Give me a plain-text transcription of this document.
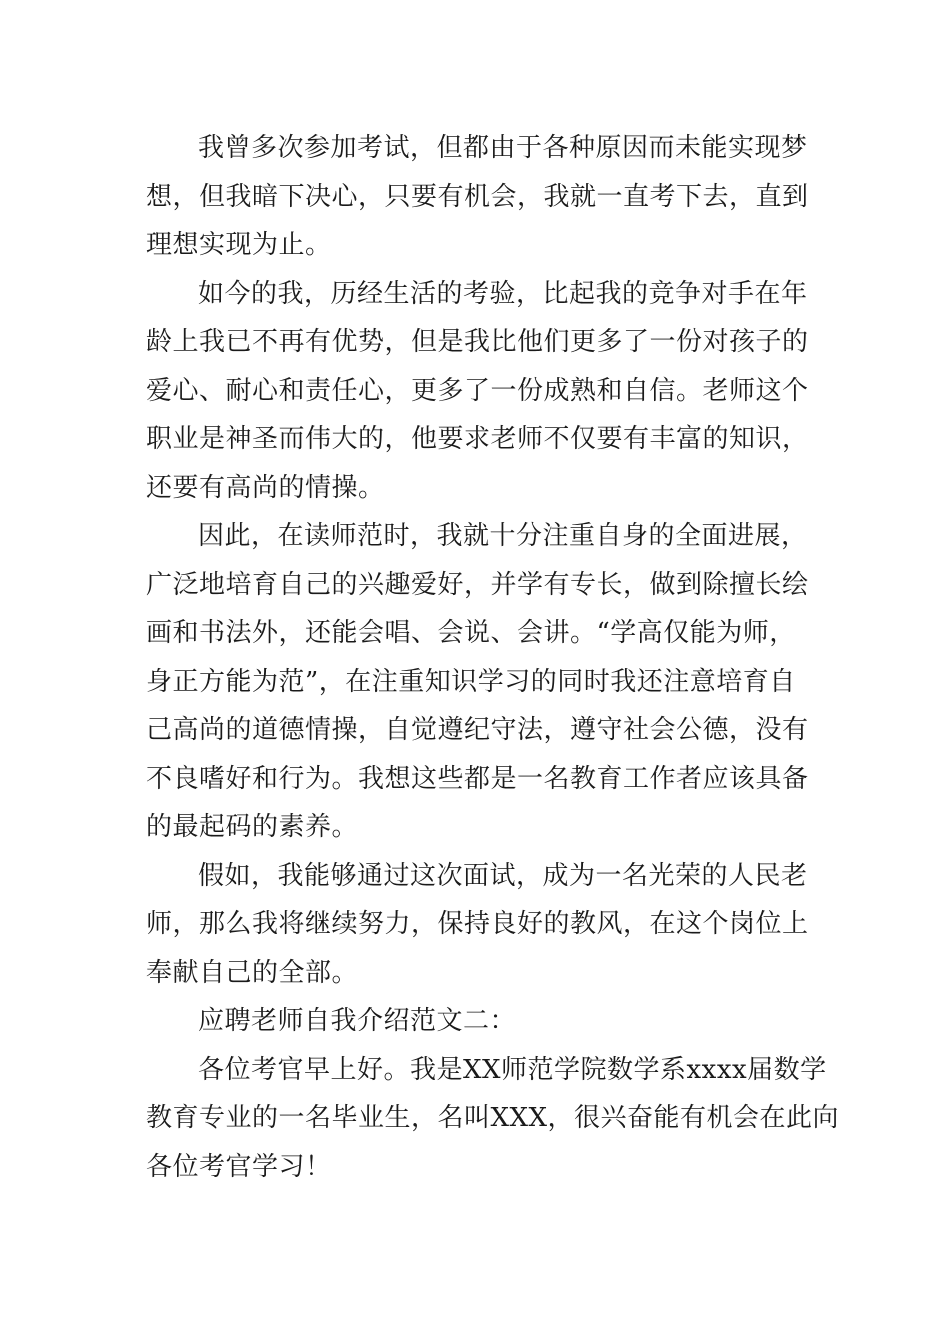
我曾多次参加考试，但都由于各种原因而未能实现梦
想，但我暗下决心，只要有机会，我就一直考下去，直到
理想实现为止。

如今的我，历经生活的考验，比起我的竞争对手在年
龄上我已不再有优势，但是我比他们更多了一份对孩子的
爱心、耐心和责任心，更多了一份成熟和自信。老师这个
职业是神圣而伟大的，他要求老师不仅要有丰富的知识，
还要有高尚的情操。

因此，在读师范时，我就十分注重自身的全面进展，
广泛地培育自己的兴趣爱好，并学有专长，做到除擅长绘
画和书法外，还能会唱、会说、会讲。“学高仅能为师，
身正方能为范”，在注重知识学习的同时我还注意培育自
己高尚的道德情操，自觉遵纪守法，遵守社会公德，没有
不良嗜好和行为。我想这些都是一名教育工作者应该具备
的最起码的素养。

假如，我能够通过这次面试，成为一名光荣的人民老
师，那么我将继续努力，保持良好的教风，在这个岗位上
奉献自己的全部。

应聘老师自我介绍范文二：

各位考官早上好。我是XX师范学院数学系xxxx届数学
教育专业的一名毕业生，名叫XXX，很兴奋能有机会在此向
各位考官学习！
